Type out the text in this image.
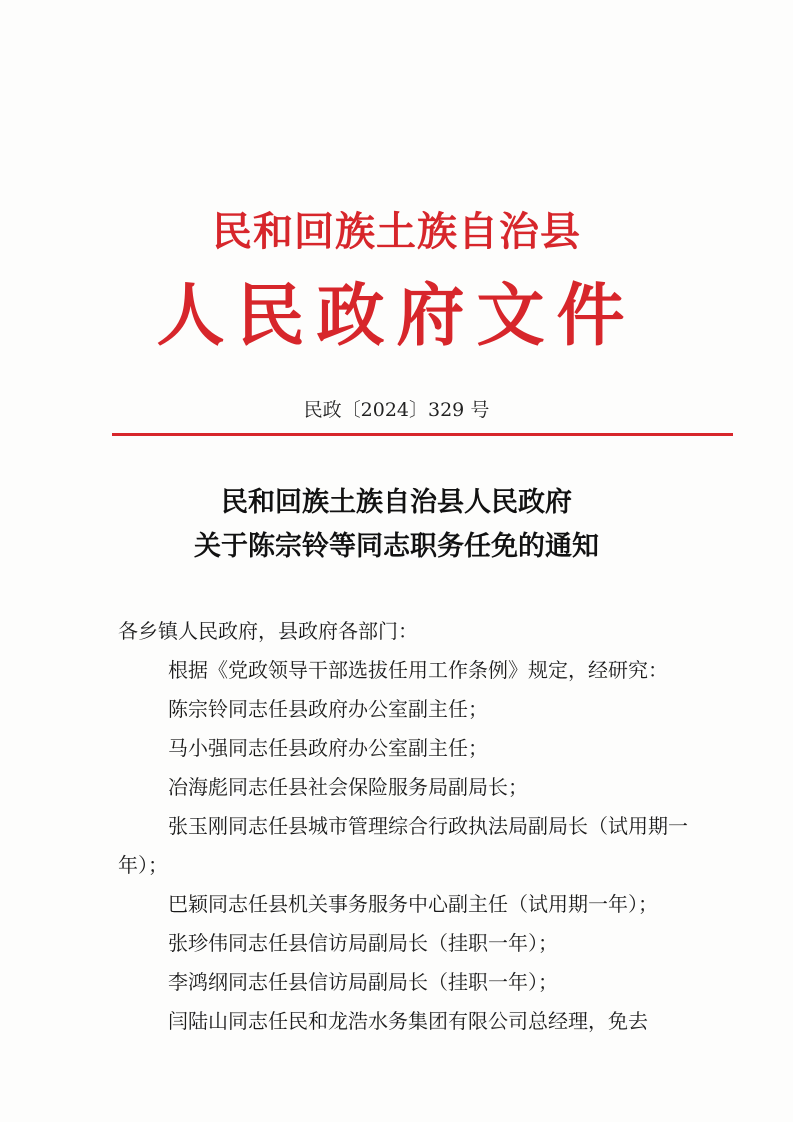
民和回族土族自治县
人民政府文件
民政〔2024〕329 号
民和回族土族自治县人民政府
关于陈宗铃等同志职务任免的通知

各乡镇人民政府，县政府各部门：

根据《党政领导干部选拔任用工作条例》规定，经研究：

陈宗铃同志任县政府办公室副主任；

马小强同志任县政府办公室副主任；

冶海彪同志任县社会保险服务局副局长；

张玉刚同志任县城市管理综合行政执法局副局长（试用期一年）；

巴颖同志任县机关事务服务中心副主任（试用期一年）；

张珍伟同志任县信访局副局长（挂职一年）；

李鸿纲同志任县信访局副局长（挂职一年）；

闫陆山同志任民和龙浩水务集团有限公司总经理，免去
